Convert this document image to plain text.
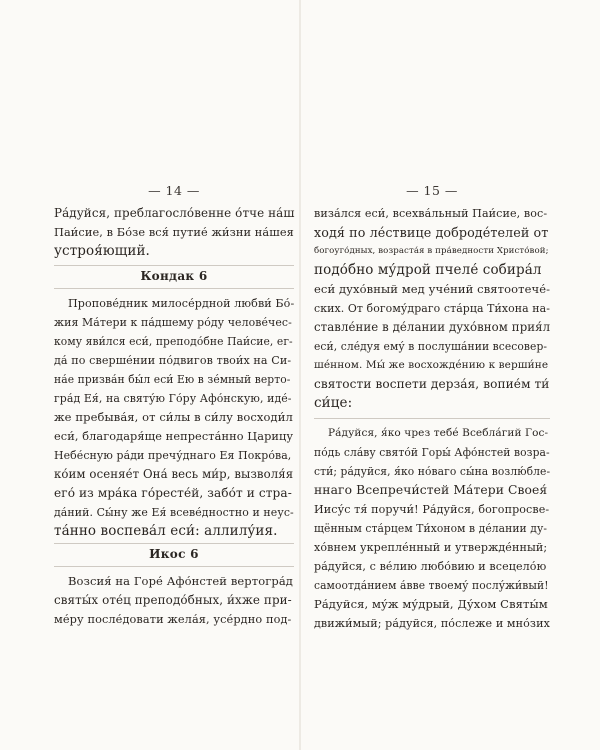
— 14 —
Ра́дуйся, преблагосло́венне о́тче на́ш
Паи́сие, в Бо́зе вся́ путие́ жи́зни на́шея
устроя́ющий.
Кондак 6
Пропове́дник милосе́рдной любви́ Бо́-
жия Ма́тери к па́дшему ро́ду челове́чес-
кому яви́лся еси́, преподо́бне Паи́сие, ег-
да́ по сверше́нии по́двигов твои́х на Си-
на́е призва́н бы́л еси́ Ею в зе́мный верто-
гра́д Ея́, на святу́ю Го́ру Афо́нскую, иде́-
же пребыва́я, от си́лы в си́лу восходи́л
еси́, благодаря́ще непреста́нно Царицу
Небе́сную ра́ди пречу́днаго Ея Покро́ва,
ко́им осеняе́т Она́ весь ми́р, вызволя́я
его́ из мра́ка го́ресте́й, забо́т и стра-
да́ний. Сы́ну же Ея́ всеве́дностно и неус-
та́нно воспева́л еси́: аллилу́ия.
Икос 6
Возсия́ на Горе́ Афо́нстей вертогра́д
святы́х оте́ц преподо́бных, и́хже при-
ме́ру после́довати жела́я, усе́рдно под-
— 15 —
виза́лся еси́, всехва́льный Паи́сие, вос-
ходя́ по ле́ствице доброде́телей от
богоуго́дных, возраста́я в пра́ведности Христо́вой;
подо́бно му́дрой пчеле́ собира́л
еси́ духо́вный мед уче́ний святоотече́-
ских. От богому́драго ста́рца Ти́хона на-
ставле́ние в де́лании духо́вном прия́л
еси́, сле́дуя ему́ в послуша́нии всесовер-
ше́нном. Мы́ же восхожде́нию к верши́не
святости воспети дерза́я, вопие́м ти́
си́це:
Ра́дуйся, я́ко чрез тебе́ Всебла́гий Гос-
по́дь сла́ву свято́й Горы́ Афо́нстей возра-
сти́; ра́дуйся, я́ко но́ваго сы́на возлю́бле-
ннаго Всепречи́стей Ма́тери Своея́
Иису́с тя́ поручи́! Ра́дуйся, богопросве-
щённым ста́рцем Ти́хоном в де́лании ду-
хо́внем укрепле́нный и утвержде́нный;
ра́дуйся, с ве́лию любо́вию и всецело́ю
самоотда́нием а́вве твоему́ послу́жи́вый!
Ра́дуйся, му́ж му́дрый, Ду́хом Святы́м
движи́мый; ра́дуйся, по́слеже и мно́зих
